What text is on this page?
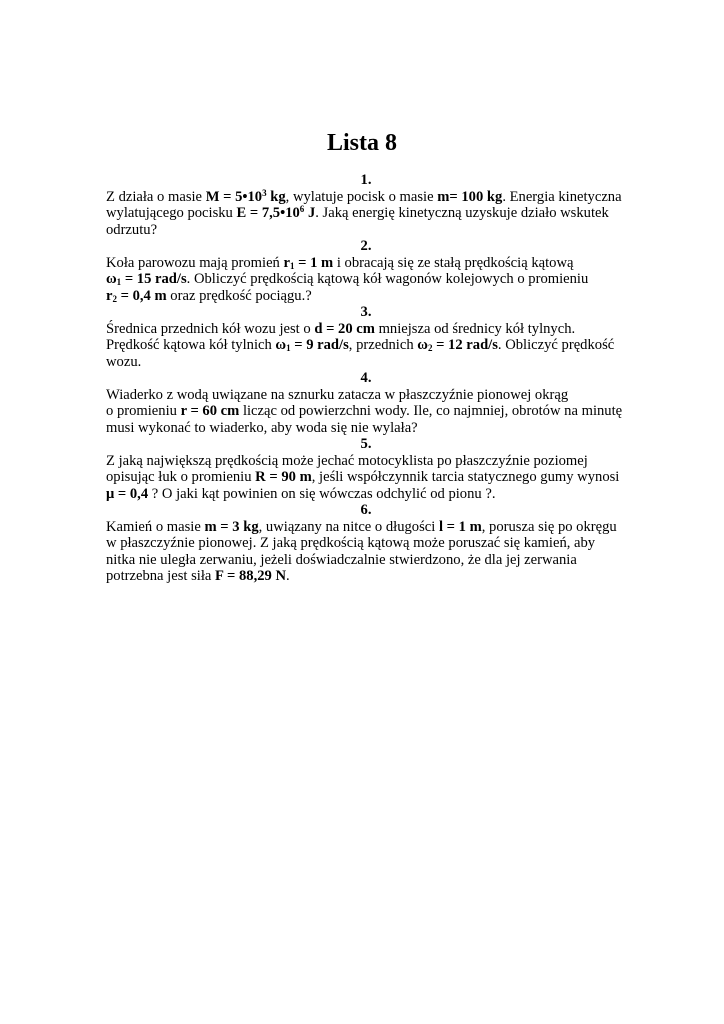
Lista 8
1.
Z działa o masie $M = 5•10^3$ kg, wylatuje pocisk o masie m= 100 kg. Energia kinetyczna
wylatującego pocisku $E = 7,5•10^6$ J. Jaką energię kinetyczną uzyskuje działo wskutek
odrzutu?
2.
Koła parowozu mają promień $r_1 = 1$ m i obracają się ze stałą prędkością kątową
$\omega_1 = 15$ rad/s. Obliczyć prędkością kątową kół wagonów kolejowych o promieniu
$r_2 = 0,4$ m oraz prędkość pociągu.?
3.
Średnica przednich kół wozu jest o d = 20 cm mniejsza od średnicy kół tylnych.
Prędkość kątowa kół tylnich $\omega_1 = 9$ rad/s, przednich $\omega_2 = 12$ rad/s. Obliczyć prędkość
wozu.
4.
Wiaderko z wodą uwiązane na sznurku zatacza w płaszczyźnie pionowej okrąg
o promieniu r = 60 cm licząc od powierzchni wody. Ile, co najmniej, obrotów na minutę
musi wykonać to wiaderko, aby woda się nie wylała?
5.
Z jaką największą prędkością może jechać motocyklista po płaszczyźnie poziomej
opisując łuk o promieniu R = 90 m, jeśli współczynnik tarcia statycznego gumy wynosi
μ = 0,4 ? O jaki kąt powinien on się wówczas odchylić od pionu ?.
6.
Kamień o masie m = 3 kg, uwiązany na nitce o długości l = 1 m, porusza się po okręgu
w płaszczyźnie pionowej. Z jaką prędkością kątową może poruszać się kamień, aby
nitka nie uległa zerwaniu, jeżeli doświadczalnie stwierdzono, że dla jej zerwania
potrzebna jest siła F = 88,29 N.
